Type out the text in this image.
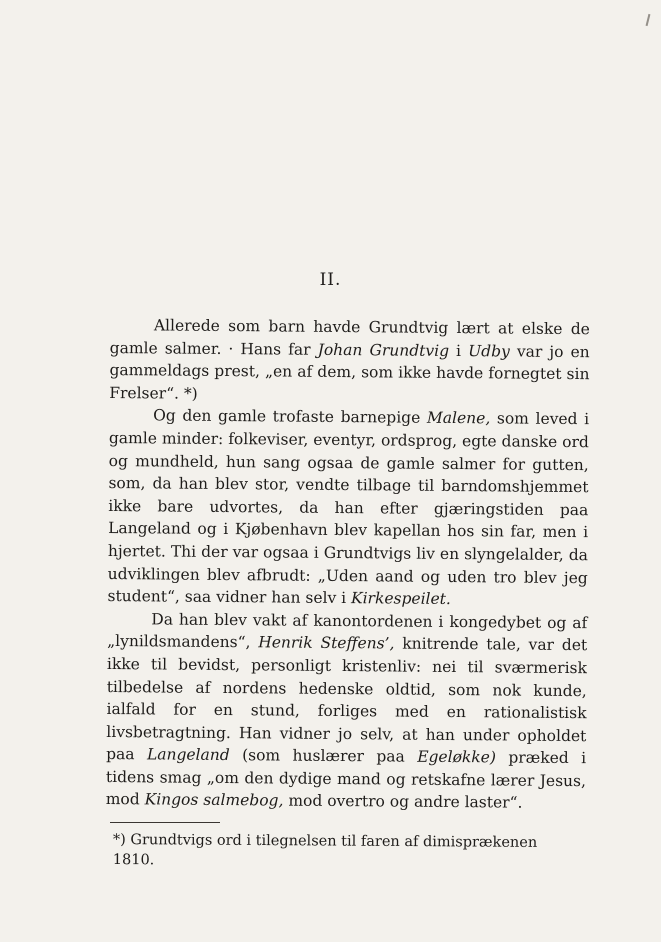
II.

Allerede som barn havde Grundtvig lært at elske de gamle salmer. · Hans far Johan Grundtvig i Udby var jo en gammeldags prest, „en af dem, som ikke havde fornegtet sin Frelser“. *)

Og den gamle trofaste barnepige Malene, som leved i gamle minder: folkeviser, eventyr, ordsprog, egte danske ord og mundheld, hun sang ogsaa de gamle salmer for gutten, som, da han blev stor, vendte tilbage til barndomshjemmet ikke bare udvortes, da han efter gjæringstiden paa Langeland og i Kjøbenhavn blev kapellan hos sin far, men i hjertet. Thi der var ogsaa i Grundtvigs liv en slyngelalder, da udviklingen blev afbrudt: „Uden aand og uden tro blev jeg student“, saa vidner han selv i Kirkespeilet.

Da han blev vakt af kanontordenen i kongedybet og af „lynildsmandens“, Henrik Steffens’, knitrende tale, var det ikke til bevidst, personligt kristenliv: nei til sværmerisk tilbedelse af nordens hedenske oldtid, som nok kunde, ialfald for en stund, forliges med en rationalistisk livsbetragtning. Han vidner jo selv, at han under opholdet paa Langeland (som huslærer paa Egeløkke) præked i tidens smag „om den dydige mand og retskafne lærer Jesus, mod Kingos salmebog, mod overtro og andre laster“.

*) Grundtvigs ord i tilegnelsen til faren af dimisprækenen 1810.
